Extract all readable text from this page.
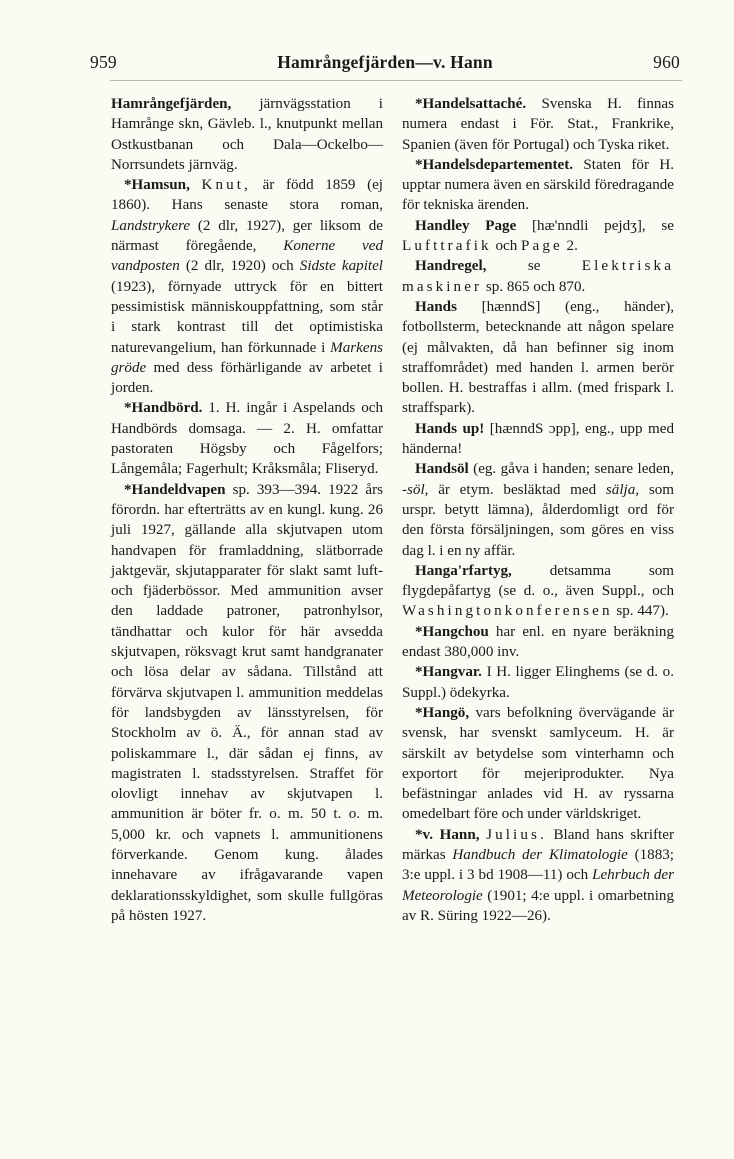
959	Hamrångefjärden—v. Hann	960

Hamrångefjärden, järnvägsstation i Hamrånge skn, Gävleb. l., knutpunkt mellan Ostkustbanan och Dala—Ockelbo—Norrsundets järnväg.

*Hamsun, Knut, är född 1859 (ej 1860). Hans senaste stora roman, Landstrykere (2 dlr, 1927), ger liksom de närmast föregående, Konerne ved vandposten (2 dlr, 1920) och Sidste kapitel (1923), förnyade uttryck för en bittert pessimistisk människouppfattning, som står i stark kontrast till det optimistiska naturevangelium, han förkunnade i Markens gröde med dess förhärligande av arbetet i jorden.

*Handbörd. 1. H. ingår i Aspelands och Handbörds domsaga. — 2. H. omfattar pastoraten Högsby och Fågelfors; Långemåla; Fagerhult; Kråksmåla; Fliseryd.

*Handeldvapen sp. 393—394. 1922 års förordn. har efterträtts av en kungl. kung. 26 juli 1927, gällande alla skjutvapen utom handvapen för framladdning, slätborrade jaktgevär, skjutapparater för slakt samt luft- och fjäderbössor. Med ammunition avser den laddade patroner, patronhylsor, tändhattar och kulor för här avsedda skjutvapen, röksvagt krut samt handgranater och lösa delar av sådana. Tillstånd att förvärva skjutvapen l. ammunition meddelas för landsbygden av länsstyrelsen, för Stockholm av ö. Ä., för annan stad av poliskammare l., där sådan ej finns, av magistraten l. stadsstyrelsen. Straffet för olovligt innehav av skjutvapen l. ammunition är böter fr. o. m. 50 t. o. m. 5,000 kr. och vapnets l. ammunitionens förverkande. Genom kung. ålades innehavare av ifrågavarande vapen deklarationsskyldighet, som skulle fullgöras på hösten 1927.

*Handelsattaché. Svenska H. finnas numera endast i För. Stat., Frankrike, Spanien (även för Portugal) och Tyska riket.

*Handelsdepartementet. Staten för H. upptar numera även en särskild föredragande för tekniska ärenden.

Handley Page [hæ'nndli pejdʒ], se Lufttrafik och Page 2.

Handregel, se Elektriska maskiner sp. 865 och 870.

Hands [hænndS] (eng., händer), fotbollsterm, betecknande att någon spelare (ej målvakten, då han befinner sig inom straffområdet) med handen l. armen berör bollen. H. bestraffas i allm. (med frispark l. straffspark).

Hands up! [hænndS ɔpp], eng., upp med händerna!

Handsöl (eg. gåva i handen; senare leden, -söl, är etym. besläktad med sälja, som urspr. betytt lämna), ålderdomligt ord för den första försäljningen, som göres en viss dag l. i en ny affär.

Hanga'rfartyg, detsamma som flygdepåfartyg (se d. o., även Suppl., och Washingtonkonferensen sp. 447).

*Hangchou har enl. en nyare beräkning endast 380,000 inv.

*Hangvar. I H. ligger Elinghems (se d. o. Suppl.) ödekyrka.

*Hangö, vars befolkning övervägande är svensk, har svenskt samlyceum. H. är särskilt av betydelse som vinterhamn och exportort för mejeriprodukter. Nya befästningar anlades vid H. av ryssarna omedelbart före och under världskriget.

*v. Hann, Julius. Bland hans skrifter märkas Handbuch der Klimatologie (1883; 3:e uppl. i 3 bd 1908—11) och Lehrbuch der Meteorologie (1901; 4:e uppl. i omarbetning av R. Süring 1922—26).
